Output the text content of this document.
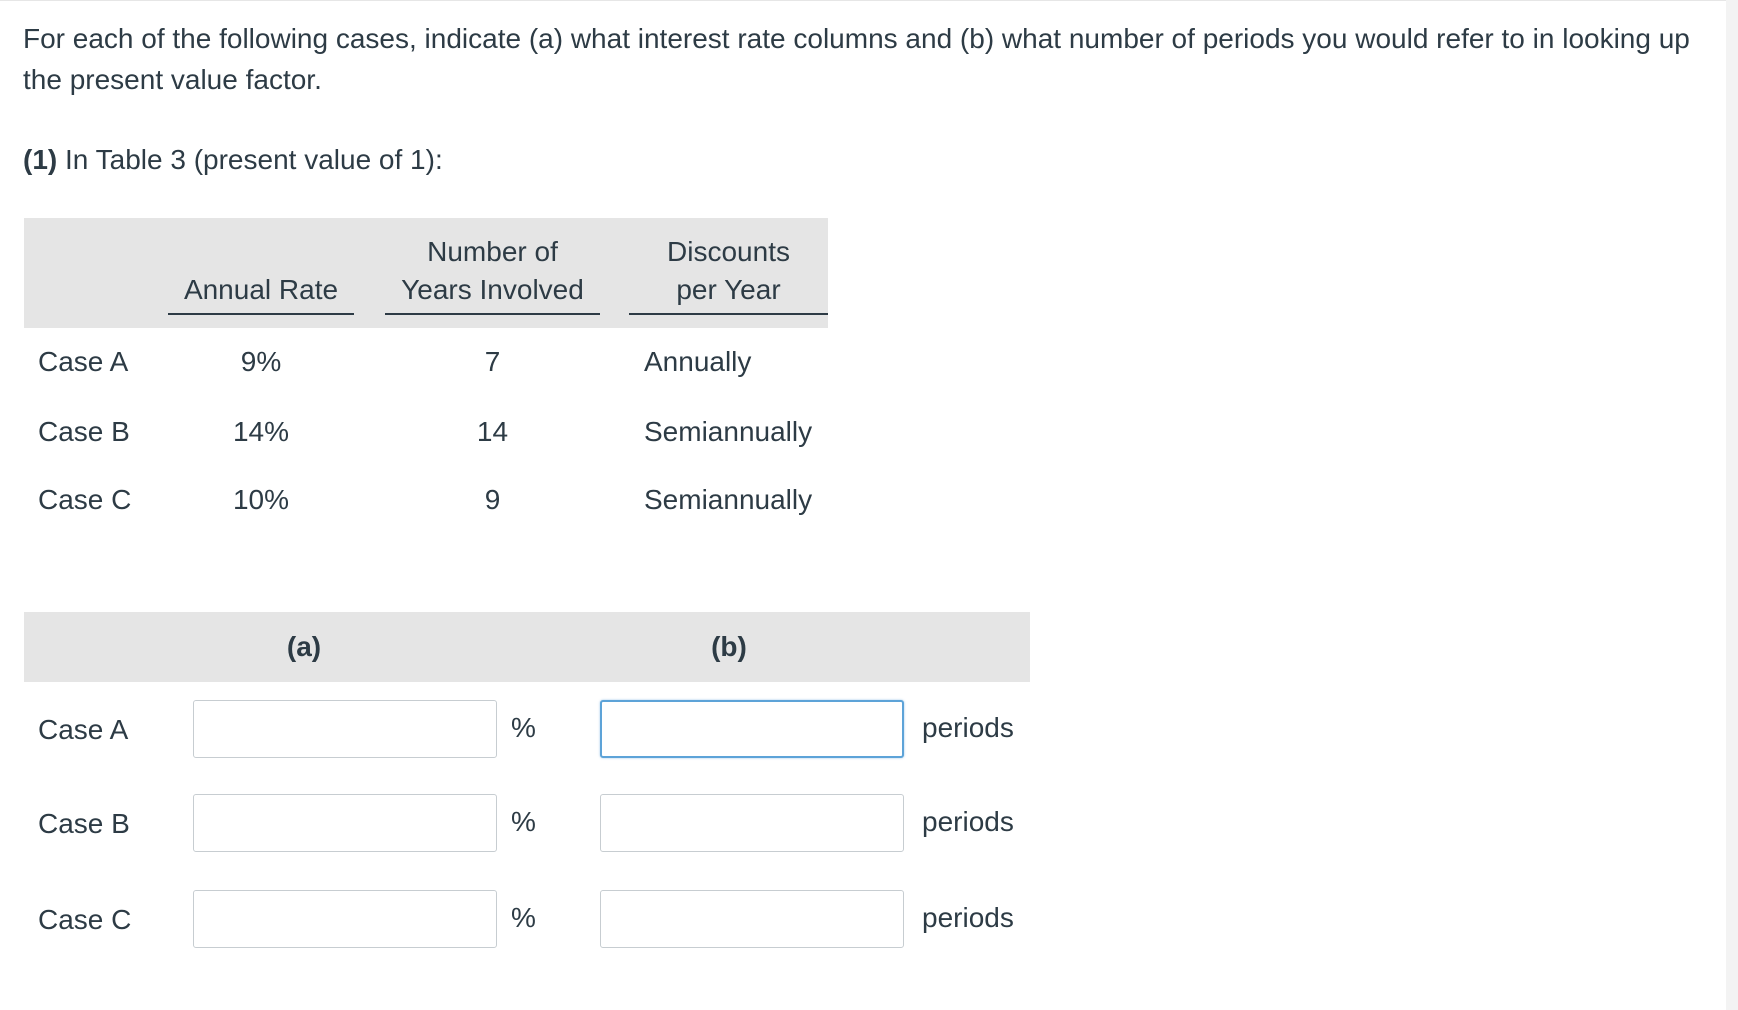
For each of the following cases, indicate (a) what interest rate columns and (b) what number of periods you would refer to in looking up the present value factor.

(1) In Table 3 (present value of 1):

Annual Rate
Number of
Years Involved
Discounts
per Year
Case A	9%	7	Annually
Case B	14%	14	Semiannually
Case C	10%	9	Semiannually
(a)	(b)
Case A	%	periods
Case B	%	periods
Case C	%	periods
